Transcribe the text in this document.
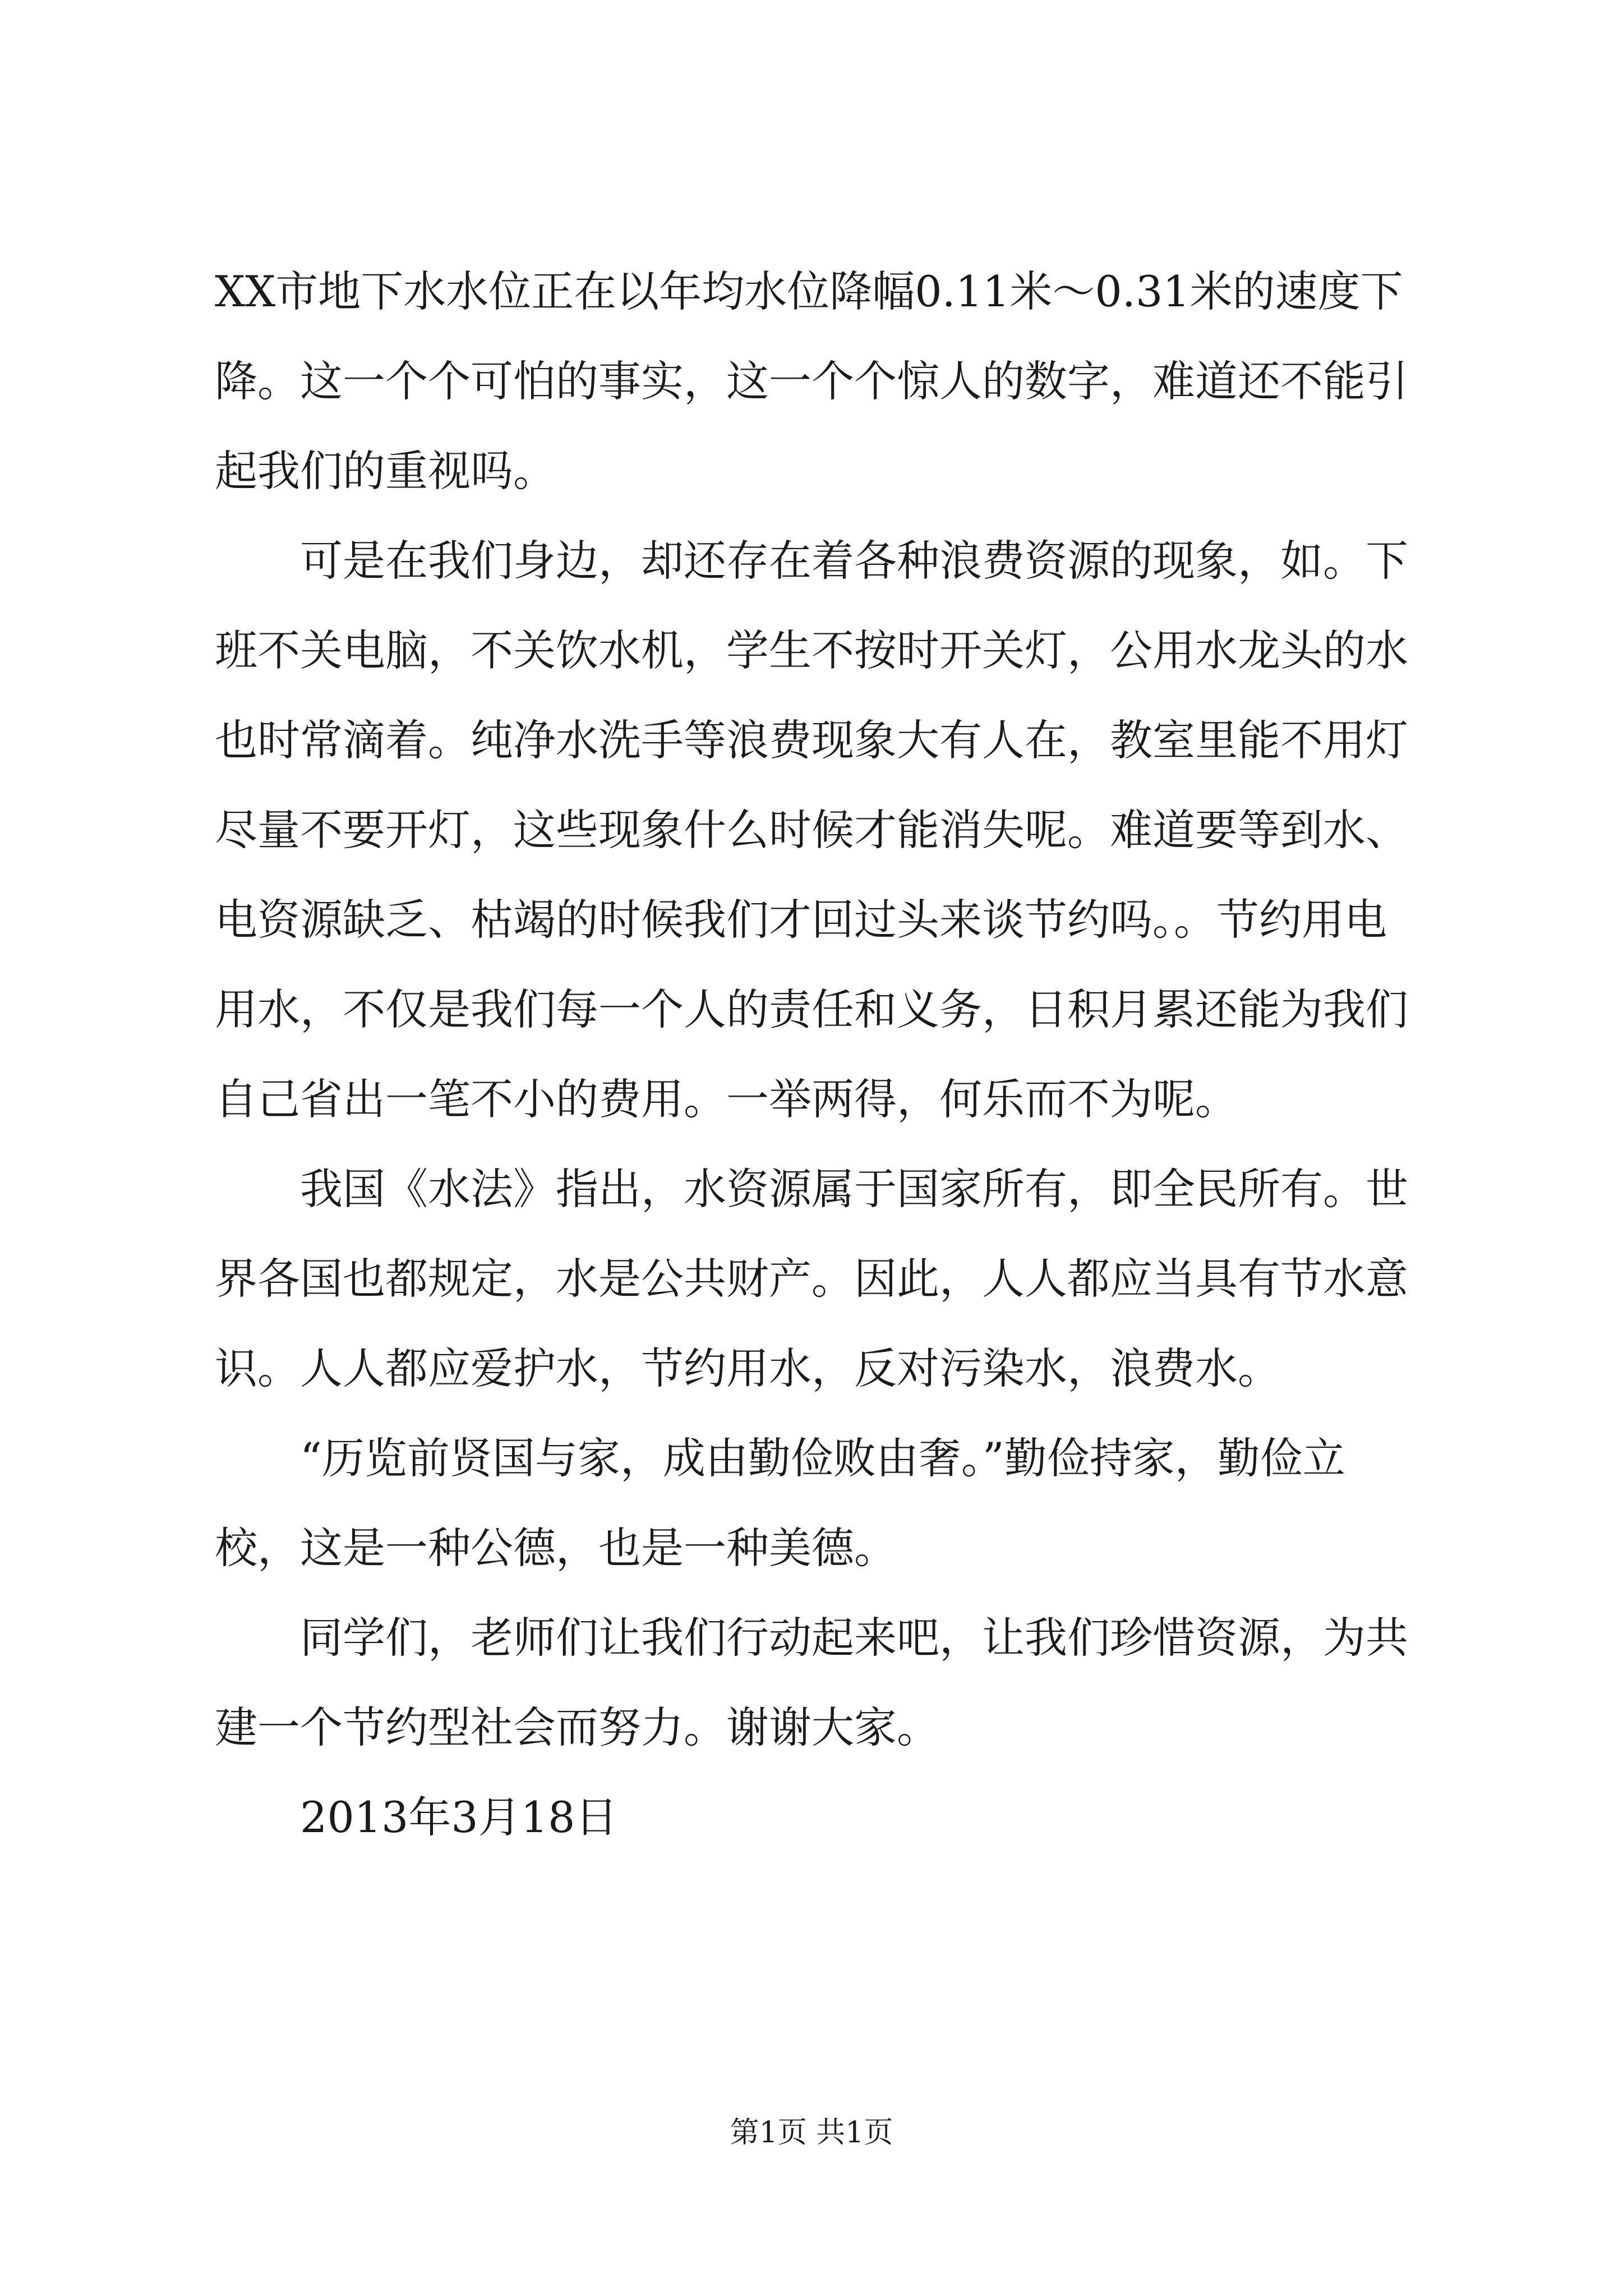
XX市地下水水位正在以年均水位降幅0.11米～0.31米的速度下
降。这一个个可怕的事实，这一个个惊人的数字，难道还不能引
起我们的重视吗。
　　可是在我们身边，却还存在着各种浪费资源的现象，如。下
班不关电脑，不关饮水机，学生不按时开关灯，公用水龙头的水
也时常滴着。纯净水洗手等浪费现象大有人在，教室里能不用灯
尽量不要开灯，这些现象什么时候才能消失呢。难道要等到水、
电资源缺乏、枯竭的时候我们才回过头来谈节约吗。。节约用电
用水，不仅是我们每一个人的责任和义务，日积月累还能为我们
自己省出一笔不小的费用。一举两得，何乐而不为呢。
　　我国《水法》指出，水资源属于国家所有，即全民所有。世
界各国也都规定，水是公共财产。因此，人人都应当具有节水意
识。人人都应爱护水，节约用水，反对污染水，浪费水。
　　“历览前贤国与家，成由勤俭败由奢。”勤俭持家，勤俭立
校，这是一种公德，也是一种美德。
　　同学们，老师们让我们行动起来吧，让我们珍惜资源，为共
建一个节约型社会而努力。谢谢大家。
　　2013年3月18日
第1页 共1页
